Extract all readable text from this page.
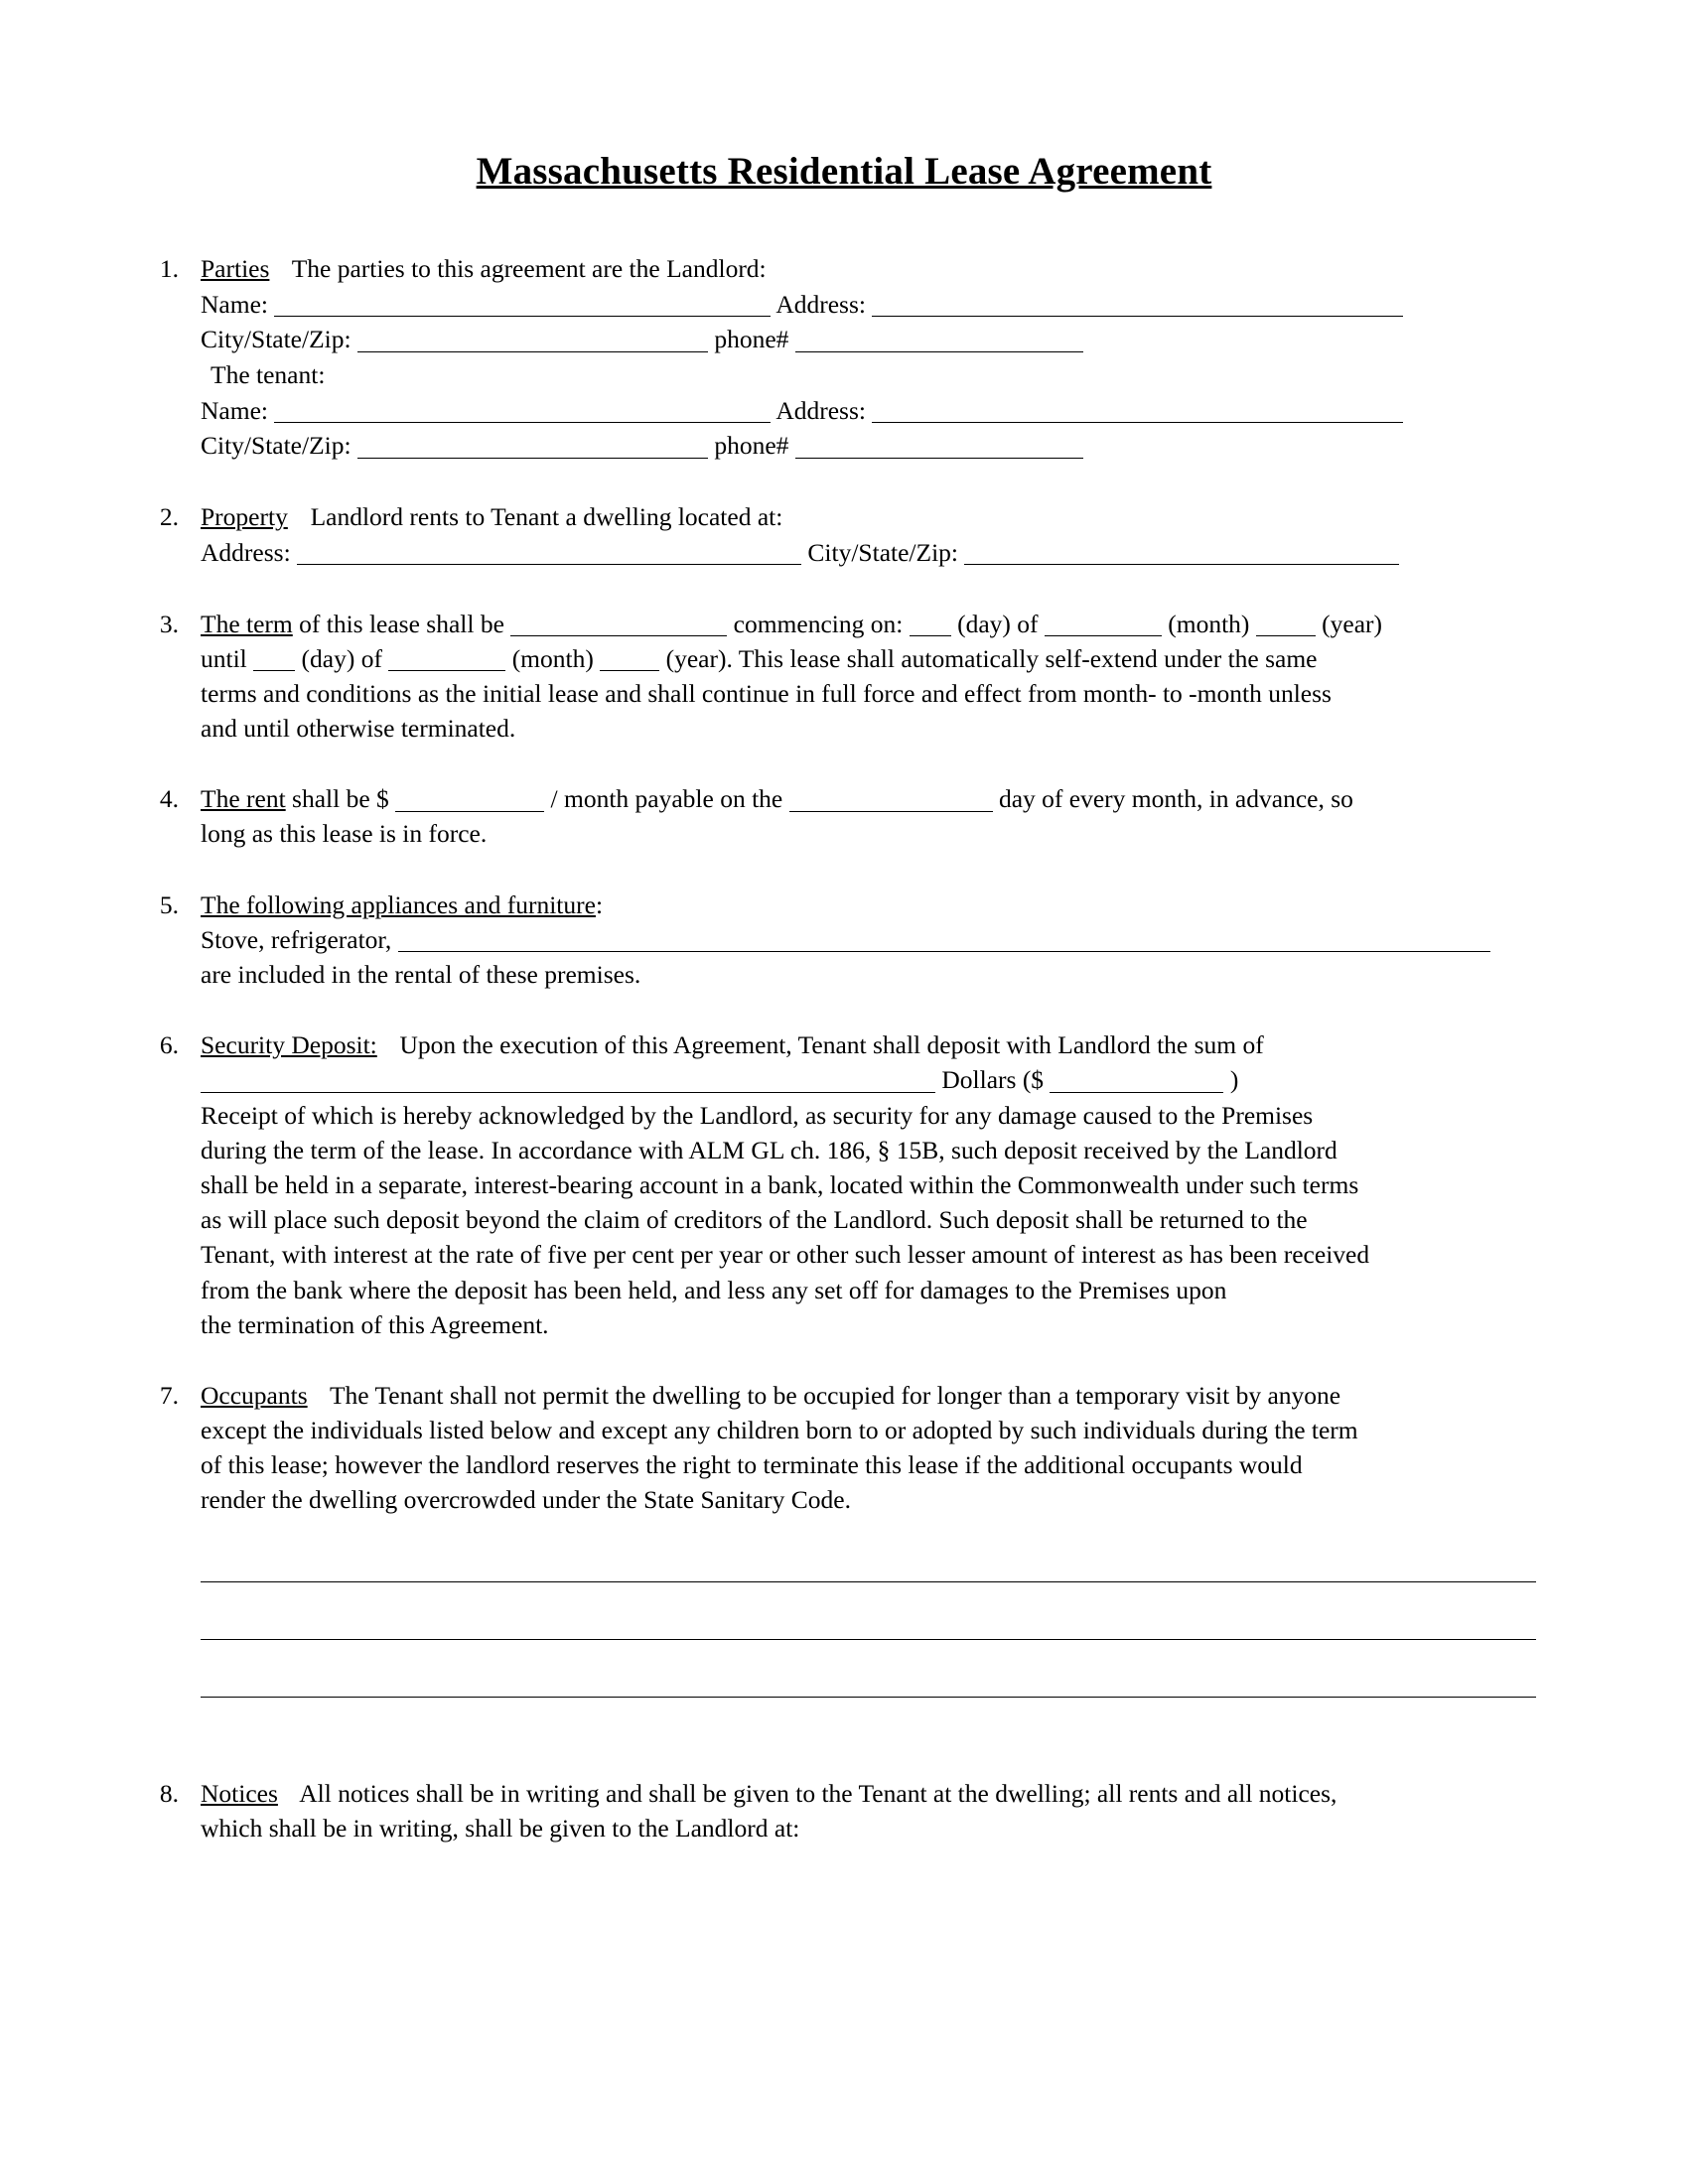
Massachusetts Residential Lease Agreement
1. Parties The parties to this agreement are the Landlord:
Name:	Address:
City/State/Zip:	phone#
The tenant:
Name:	Address:
City/State/Zip:	phone#
2. Property Landlord rents to Tenant a dwelling located at:
Address:	City/State/Zip:
3. The term of this lease shall be	commencing on:  (day) of	(month)	(year)
until  (day) of	(month)	(year). This lease shall automatically self-extend under the same
terms and conditions as the initial lease and shall continue in full force and effect from month- to -month unless
and until otherwise terminated.
4. The rent shall be $	/ month payable on the	day of every month, in advance, so
long as this lease is in force.
5. The following appliances and furniture:
Stove, refrigerator,
are included in the rental of these premises.
6. Security Deposit: Upon the execution of this Agreement, Tenant shall deposit with Landlord the sum of
Dollars ($	)
Receipt of which is hereby acknowledged by the Landlord, as security for any damage caused to the Premises
during the term of the lease. In accordance with ALM GL ch. 186, § 15B, such deposit received by the Landlord
shall be held in a separate, interest-bearing account in a bank, located within the Commonwealth under such terms
as will place such deposit beyond the claim of creditors of the Landlord. Such deposit shall be returned to the
Tenant, with interest at the rate of five per cent per year or other such lesser amount of interest as has been received
from the bank where the deposit has been held, and less any set off for damages to the Premises upon
the termination of this Agreement.
7. Occupants The Tenant shall not permit the dwelling to be occupied for longer than a temporary visit by anyone
except the individuals listed below and except any children born to or adopted by such individuals during the term
of this lease; however the landlord reserves the right to terminate this lease if the additional occupants would
render the dwelling overcrowded under the State Sanitary Code.
8. Notices All notices shall be in writing and shall be given to the Tenant at the dwelling; all rents and all notices,
which shall be in writing, shall be given to the Landlord at:
